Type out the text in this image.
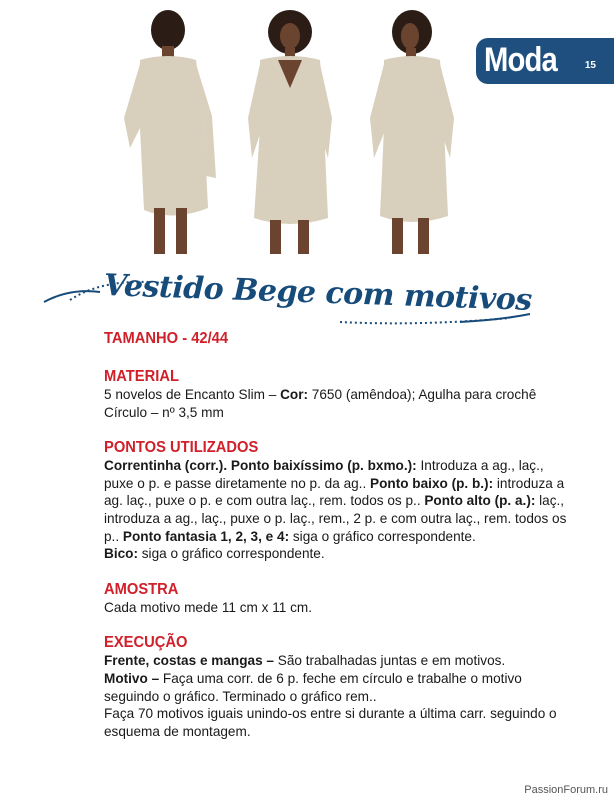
Moda	15
Vestido Bege com motivos

TAMANHO - 42/44

MATERIAL

5 novelos de Encanto Slim – Cor: 7650 (amêndoa); Agulha para crochê
Círculo – nº 3,5 mm

PONTOS UTILIZADOS

Correntinha (corr.). Ponto baixíssimo (p. bxmo.): Introduza a ag., laç., puxe o p. e passe diretamente no p. da ag.. Ponto baixo (p. b.): introduza a ag. laç., puxe o p. e com outra laç., rem. todos os p.. Ponto alto (p. a.): laç., introduza a ag., laç., puxe o p. laç., rem., 2 p. e com outra laç., rem. todos os p.. Ponto fantasia 1, 2, 3, e 4: siga o gráfico correspondente.
Bico: siga o gráfico correspondente.

AMOSTRA

Cada motivo mede 11 cm x 11 cm.

EXECUÇÃO

Frente, costas e mangas – São trabalhadas juntas e em motivos.

Motivo – Faça uma corr. de 6 p. feche em círculo e trabalhe o motivo seguindo o gráfico. Terminado o gráfico rem..

Faça 70 motivos iguais unindo-os entre si durante a última carr. seguindo o esquema de montagem.

PassionForum.ru
